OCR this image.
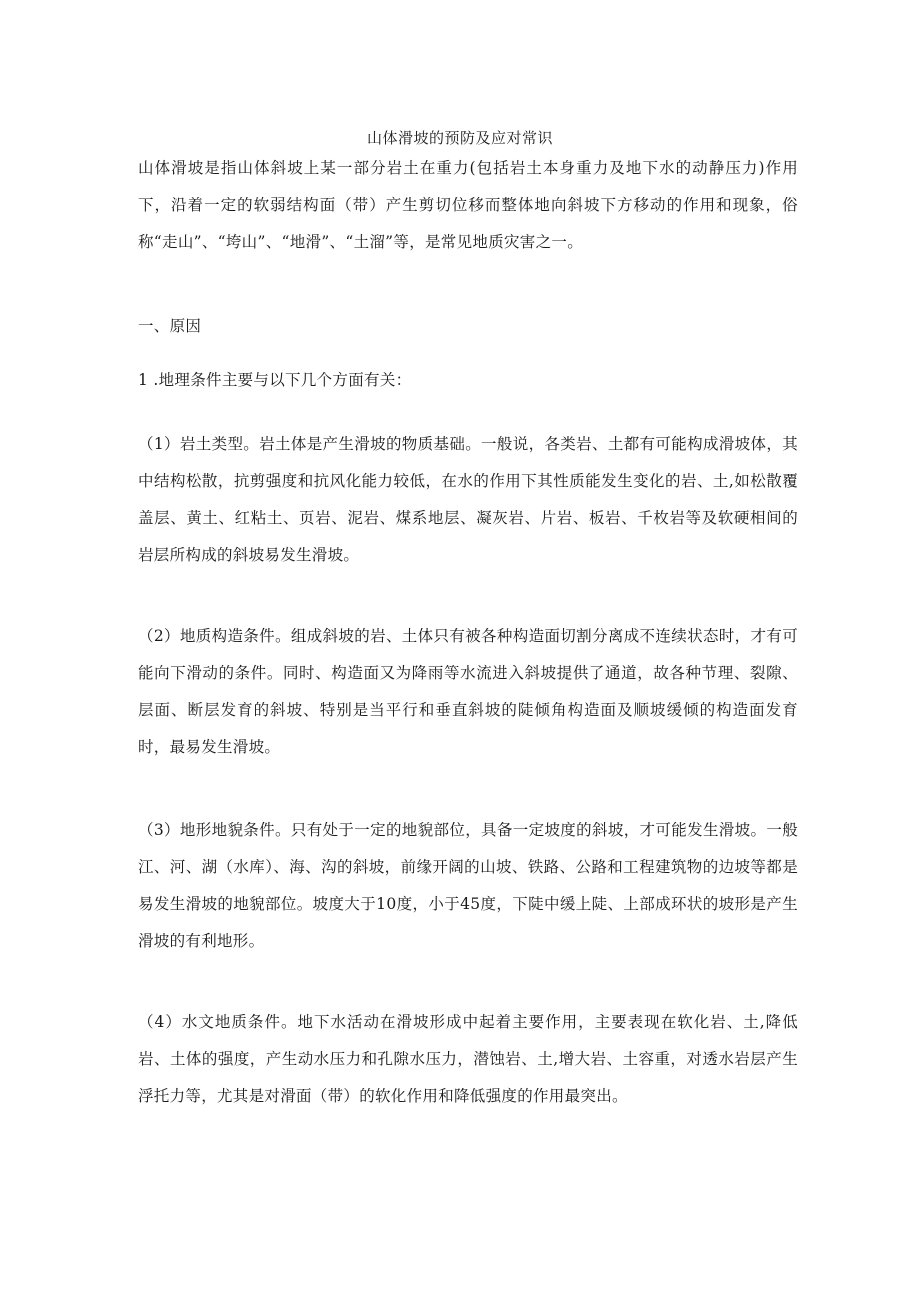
山体滑坡的预防及应对常识

山体滑坡是指山体斜坡上某一部分岩土在重力(包括岩土本身重力及地下水的动静压力)作用下，沿着一定的软弱结构面（带）产生剪切位移而整体地向斜坡下方移动的作用和现象，俗称“走山”、“垮山”、“地滑”、“土溜”等，是常见地质灾害之一。

一、原因

1 .地理条件主要与以下几个方面有关：

（1）岩土类型。岩土体是产生滑坡的物质基础。一般说，各类岩、土都有可能构成滑坡体，其中结构松散，抗剪强度和抗风化能力较低，在水的作用下其性质能发生变化的岩、土,如松散覆盖层、黄土、红粘土、页岩、泥岩、煤系地层、凝灰岩、片岩、板岩、千枚岩等及软硬相间的岩层所构成的斜坡易发生滑坡。

（2）地质构造条件。组成斜坡的岩、土体只有被各种构造面切割分离成不连续状态时，才有可能向下滑动的条件。同时、构造面又为降雨等水流进入斜坡提供了通道，故各种节理、裂隙、层面、断层发育的斜坡、特别是当平行和垂直斜坡的陡倾角构造面及顺坡缓倾的构造面发育时，最易发生滑坡。

（3）地形地貌条件。只有处于一定的地貌部位，具备一定坡度的斜坡，才可能发生滑坡。一般江、河、湖（水库）、海、沟的斜坡，前缘开阔的山坡、铁路、公路和工程建筑物的边坡等都是易发生滑坡的地貌部位。坡度大于10度，小于45度，下陡中缓上陡、上部成环状的坡形是产生滑坡的有利地形。

（4）水文地质条件。地下水活动在滑坡形成中起着主要作用，主要表现在软化岩、土,降低岩、土体的强度，产生动水压力和孔隙水压力，潜蚀岩、土,增大岩、土容重，对透水岩层产生浮托力等，尤其是对滑面（带）的软化作用和降低强度的作用最突出。
